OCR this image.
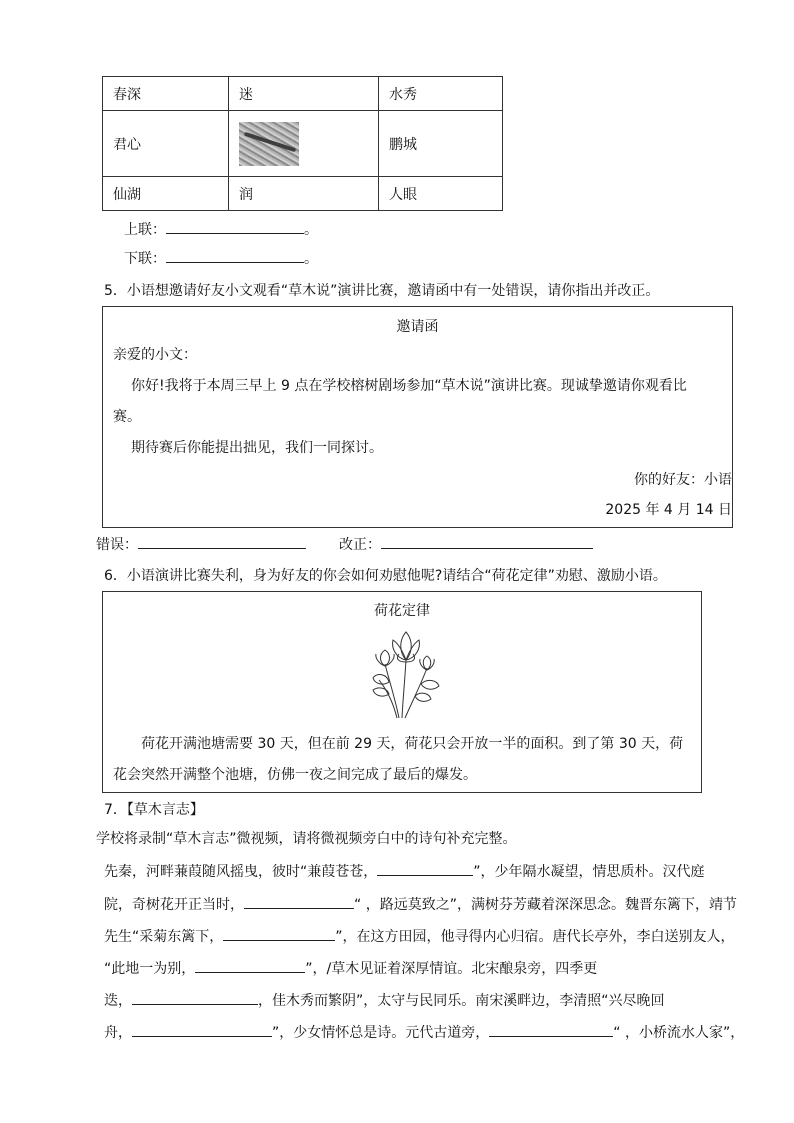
春深	迷	水秀
君心		鹏城
仙湖	润	人眼
上联：	。
下联：	。
5．小语想邀请好友小文观看“草木说”演讲比赛，邀请函中有一处错误，请你指出并改正。
邀请函
亲爱的小文：
你好!我将于本周三早上 9 点在学校榕树剧场参加“草木说”演讲比赛。现诚挚邀请你观看比
赛。
期待赛后你能提出拙见，我们一同探讨。
你的好友：小语
2025 年 4 月 14 日
错误：	改正：
6．小语演讲比赛失利，身为好友的你会如何劝慰他呢?请结合“荷花定律”劝慰、激励小语。
荷花定律
荷花开满池塘需要 30 天，但在前 29 天，荷花只会开放一半的面积。到了第 30 天，荷
花会突然开满整个池塘，仿佛一夜之间完成了最后的爆发。
7．【草木言志】
学校将录制“草木言志”微视频，请将微视频旁白中的诗句补充完整。
先秦，河畔蒹葭随风摇曳，彼时“兼葭苍苍，	”，少年隔水凝望，情思质朴。汉代庭
院，奇树花开正当时，	“ ，路远莫致之”，满树芬芳藏着深深思念。魏晋东篱下，靖节
先生“采菊东篱下，	”，在这方田园，他寻得内心归宿。唐代长亭外，李白送别友人，
“此地一为别，	”，/草木见证着深厚情谊。北宋酿泉旁，四季更
迭，	，佳木秀而繁阴”，太守与民同乐。南宋溪畔边，李清照“兴尽晚回
舟，	”，少女情怀总是诗。元代古道旁，	“ ，小桥流水人家”，
